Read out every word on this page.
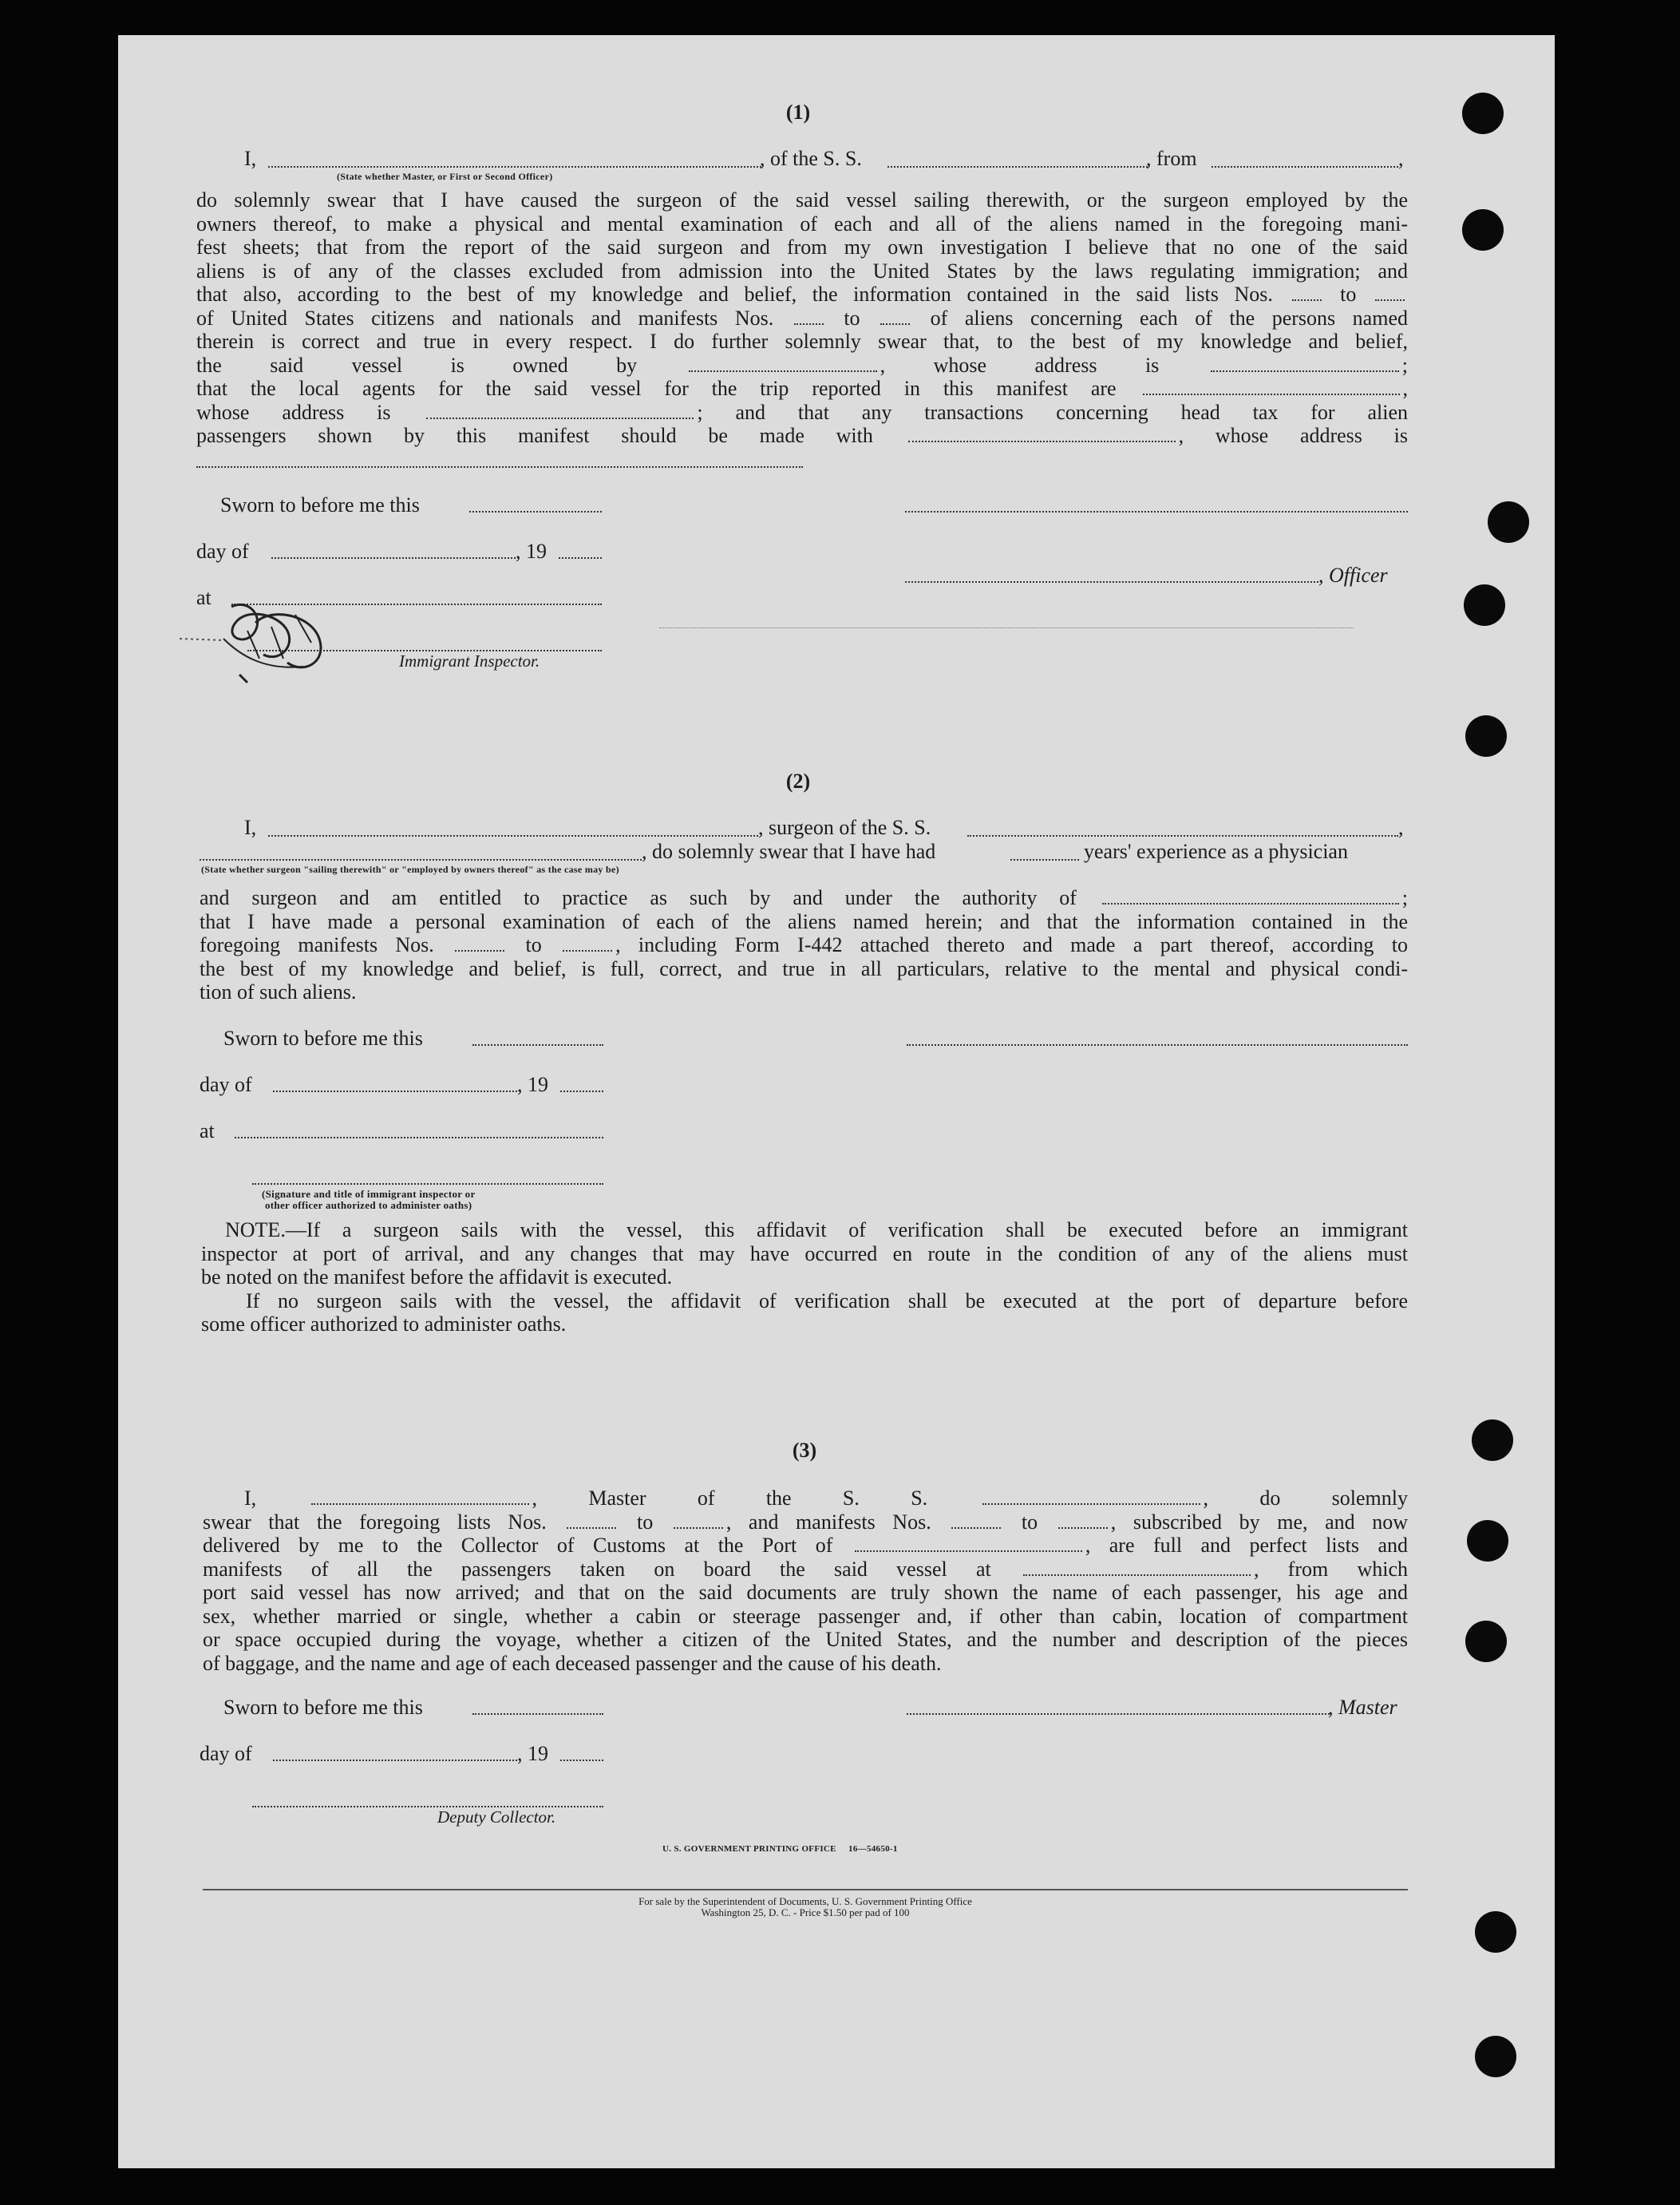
(1)
I,	, of the S. S.	, from	,
(State whether Master, or First or Second Officer)
do solemnly swear that I have caused the surgeon of the said vessel sailing therewith, or the surgeon employed by the
owners thereof, to make a physical and mental examination of each and all of the aliens named in the foregoing mani-
fest sheets; that from the report of the said surgeon and from my own investigation I believe that no one of the said
aliens is of any of the classes excluded from admission into the United States by the laws regulating immigration; and
that also, according to the best of my knowledge and belief, the information contained in the said lists Nos.  to
of United States citizens and nationals and manifests Nos.  to  of aliens concerning each of the persons named
therein is correct and true in every respect. I do further solemnly swear that, to the best of my knowledge and belief,
the said vessel is owned by	, whose address is	;
that the local agents for the said vessel for the trip reported in this manifest are	,
whose address is	; and that any transactions concerning head tax for alien
passengers shown by this manifest should be made with	, whose address is
Sworn to before me this
day of	, 19
, Officer
at
Immigrant Inspector.
(2)
I,	, surgeon of the S. S.	,
, do solemnly swear that I have had	years' experience as a physician
(State whether surgeon "sailing therewith" or "employed by owners thereof" as the case may be)
and surgeon and am entitled to practice as such by and under the authority of	;
that I have made a personal examination of each of the aliens named herein; and that the information contained in the
foregoing manifests Nos.	to	, including Form I-442 attached thereto and made a part thereof, according to
the best of my knowledge and belief, is full, correct, and true in all particulars, relative to the mental and physical condi-
tion of such aliens.
Sworn to before me this
day of	, 19
at
(Signature and title of immigrant inspector or
other officer authorized to administer oaths)
NOTE.—If a surgeon sails with the vessel, this affidavit of verification shall be executed before an immigrant
inspector at port of arrival, and any changes that may have occurred en route in the condition of any of the aliens must
be noted on the manifest before the affidavit is executed.
If no surgeon sails with the vessel, the affidavit of verification shall be executed at the port of departure before
some officer authorized to administer oaths.
(3)
I,	, Master of the S. S.	, do solemnly
swear that the foregoing lists Nos.	to	, and manifests Nos.	to	, subscribed by me, and now
delivered by me to the Collector of Customs at the Port of	, are full and perfect lists and
manifests of all the passengers taken on board the said vessel at	, from which
port said vessel has now arrived; and that on the said documents are truly shown the name of each passenger, his age and
sex, whether married or single, whether a cabin or steerage passenger and, if other than cabin, location of compartment
or space occupied during the voyage, whether a citizen of the United States, and the number and description of the pieces
of baggage, and the name and age of each deceased passenger and the cause of his death.
Sworn to before me this	, Master
day of	, 19
Deputy Collector.
U. S. GOVERNMENT PRINTING OFFICE     16—54650-1
For sale by the Superintendent of Documents, U. S. Government Printing Office
Washington 25, D. C. - Price $1.50 per pad of 100
